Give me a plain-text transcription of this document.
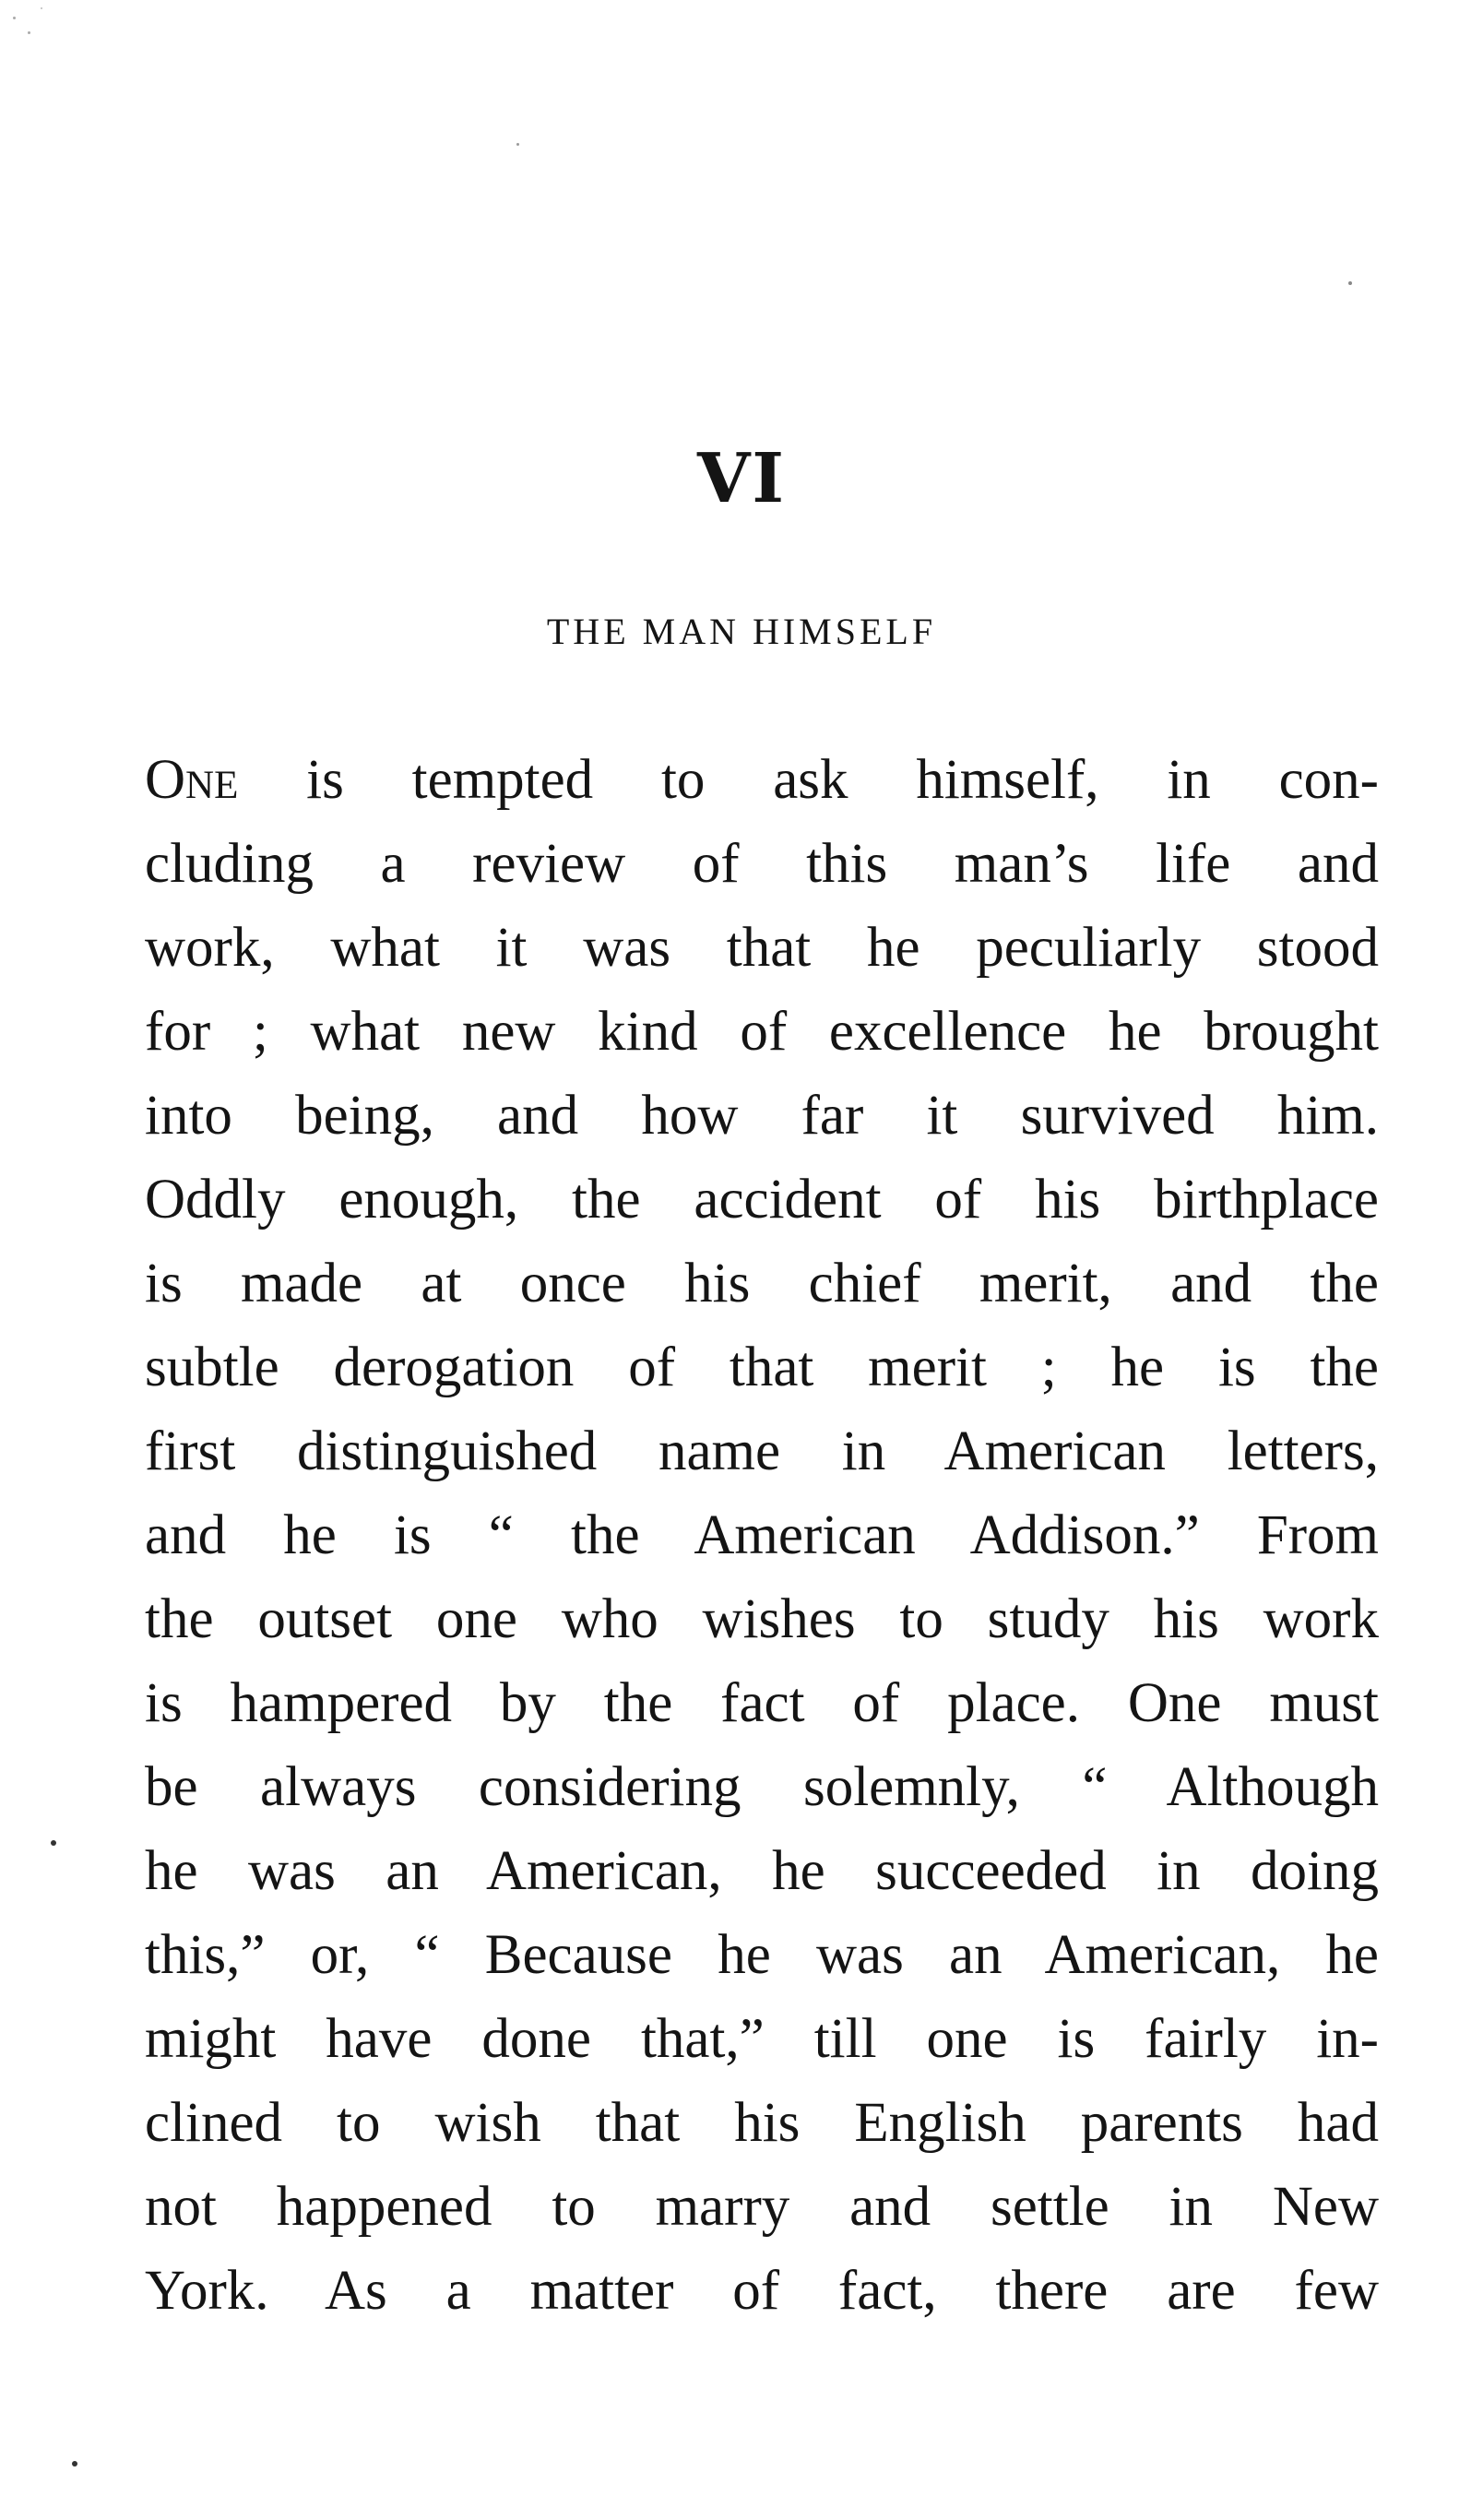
VI
THE MAN HIMSELF
One is tempted to ask himself, in con-
cluding a review of this man’s life and
work, what it was that he peculiarly stood
for ; what new kind of excellence he brought
into being, and how far it survived him.
Oddly enough, the accident of his birthplace
is made at once his chief merit, and the
subtle derogation of that merit ; he is the
first distinguished name in American letters,
and he is “ the American Addison.” From
the outset one who wishes to study his work
is hampered by the fact of place. One must
be always considering solemnly, “ Although
he was an American, he succeeded in doing
this,” or, “ Because he was an American, he
might have done that,” till one is fairly in-
clined to wish that his English parents had
not happened to marry and settle in New
York. As a matter of fact, there are few
